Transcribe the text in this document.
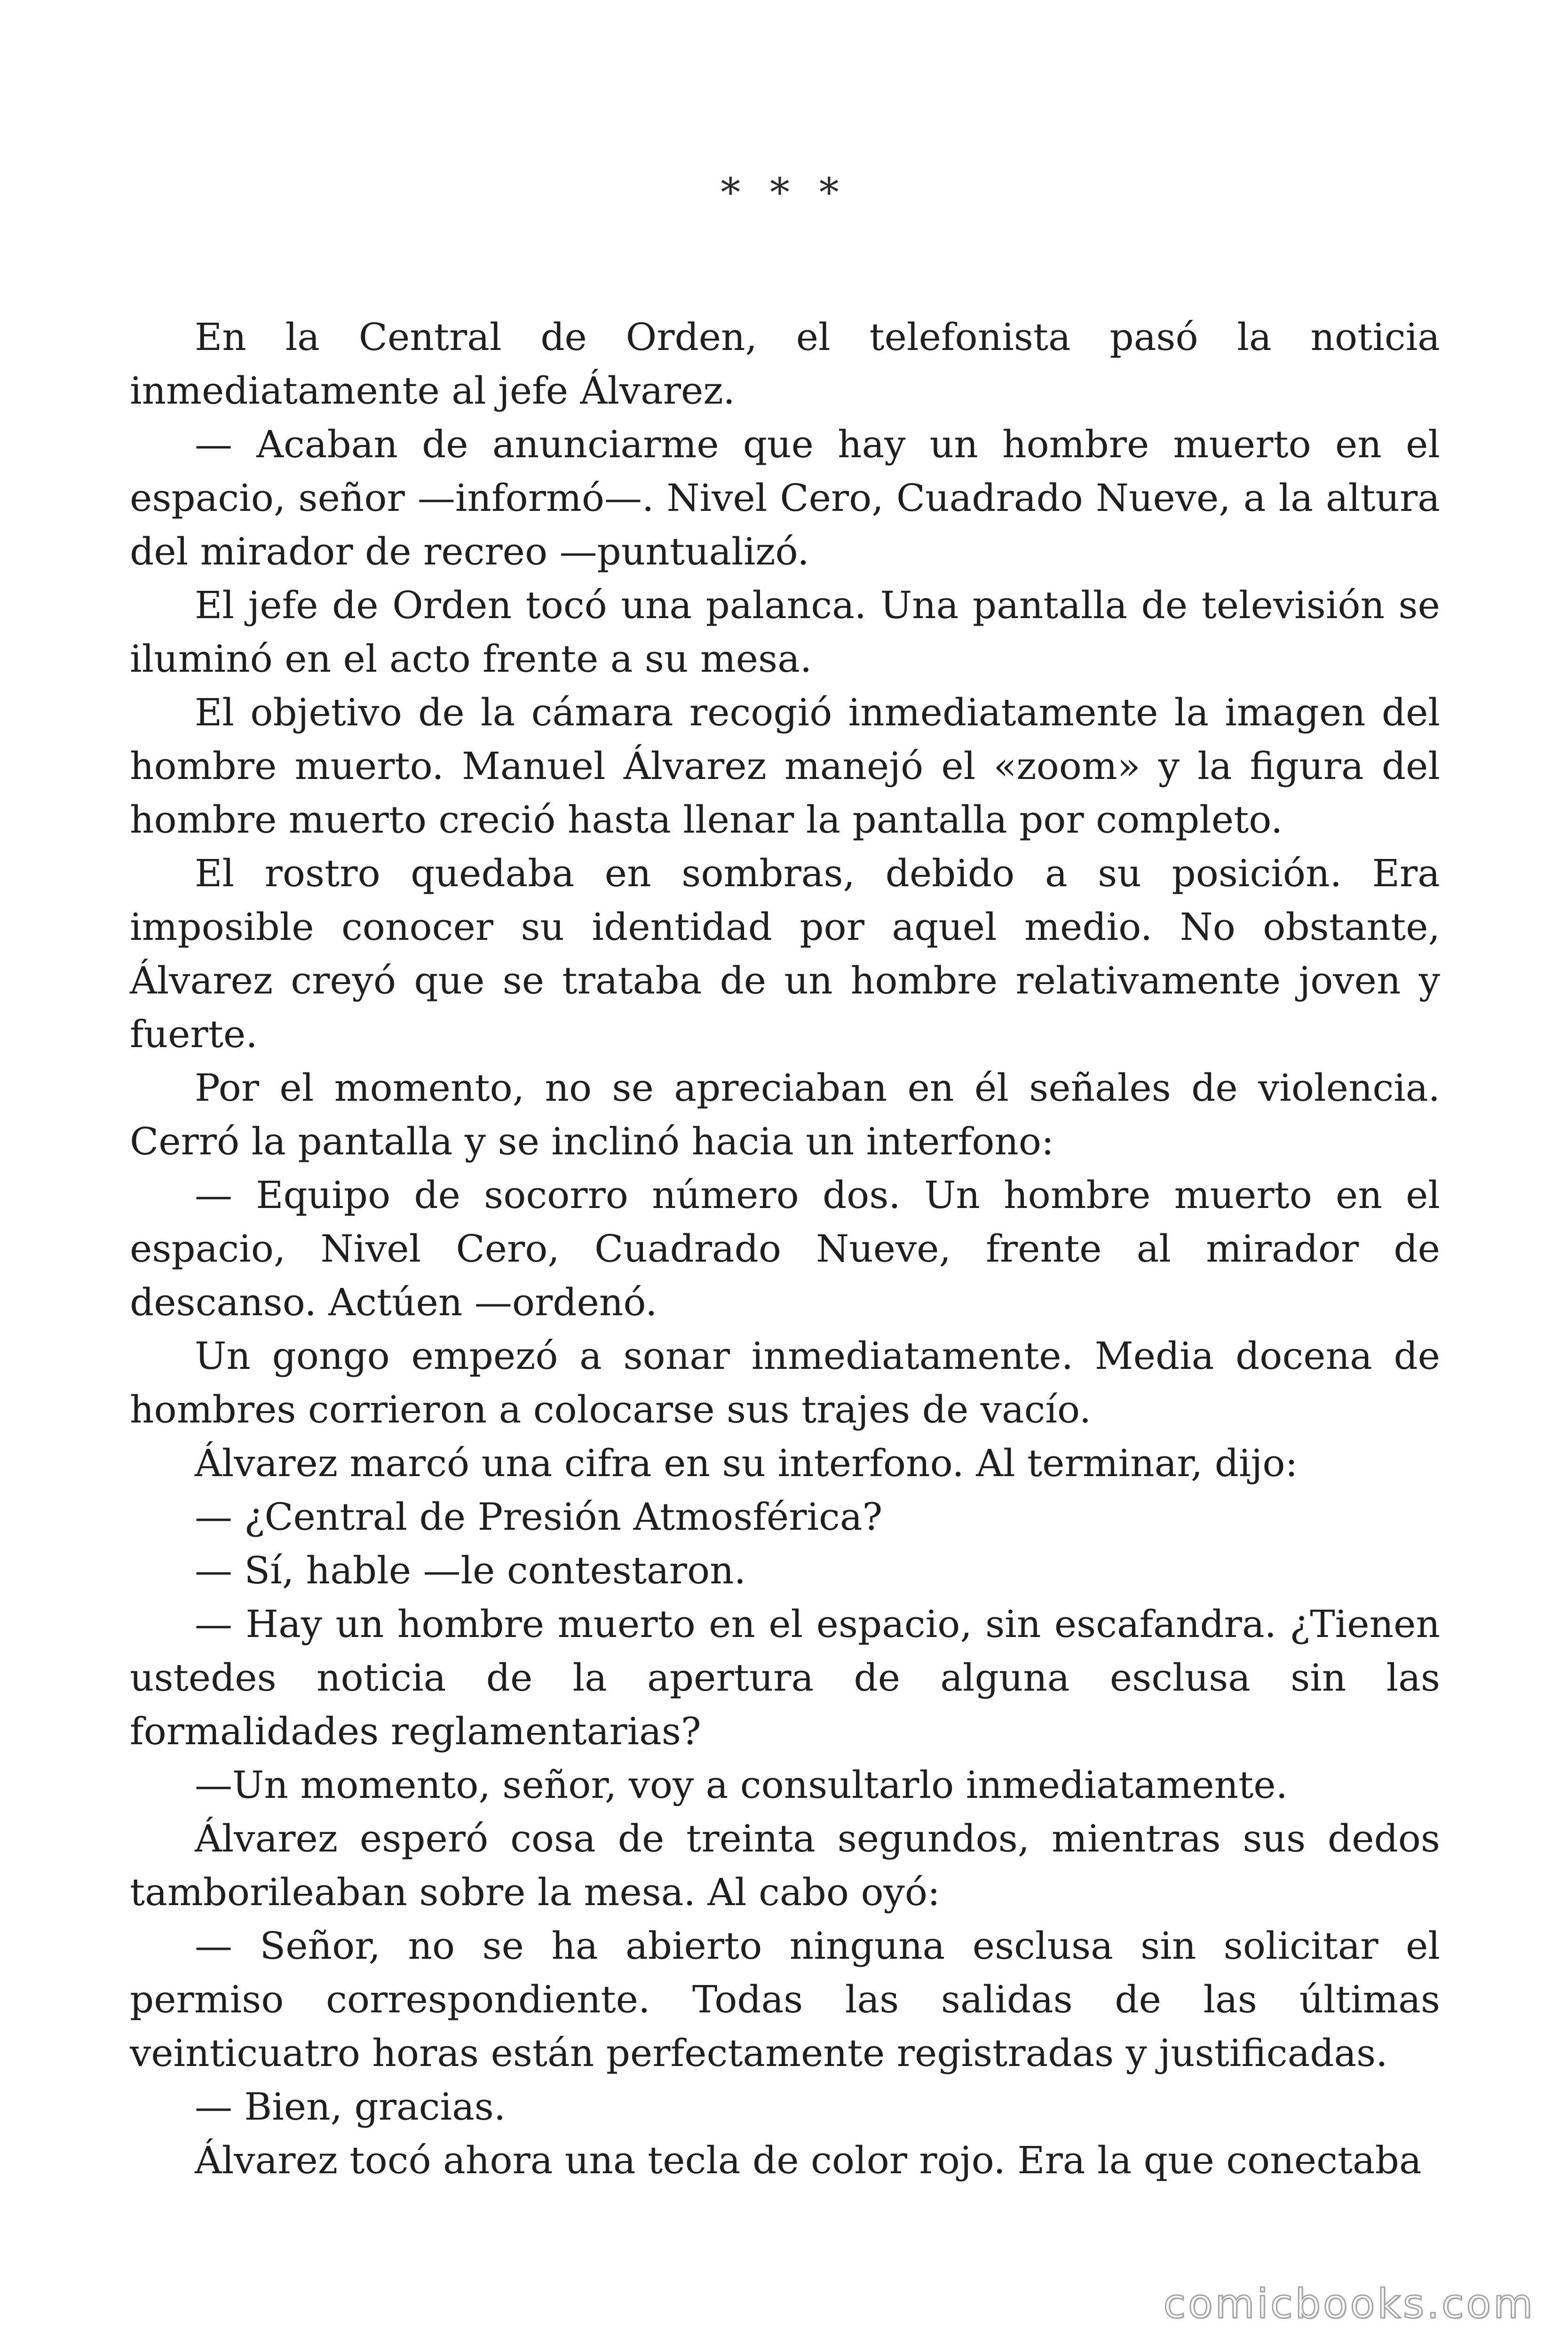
* * *

En la Central de Orden, el telefonista pasó la noticia inmediatamente al jefe Álvarez.

— Acaban de anunciarme que hay un hombre muerto en el espacio, señor —informó—. Nivel Cero, Cuadrado Nueve, a la altura del mirador de recreo —puntualizó.

El jefe de Orden tocó una palanca. Una pantalla de televisión se iluminó en el acto frente a su mesa.

El objetivo de la cámara recogió inmediatamente la imagen del hombre muerto. Manuel Álvarez manejó el «zoom» y la figura del hombre muerto creció hasta llenar la pantalla por completo.

El rostro quedaba en sombras, debido a su posición. Era imposible conocer su identidad por aquel medio. No obstante, Álvarez creyó que se trataba de un hombre relativamente joven y fuerte.

Por el momento, no se apreciaban en él señales de violencia. Cerró la pantalla y se inclinó hacia un interfono:

— Equipo de socorro número dos. Un hombre muerto en el espacio, Nivel Cero, Cuadrado Nueve, frente al mirador de descanso. Actúen —ordenó.

Un gongo empezó a sonar inmediatamente. Media docena de hombres corrieron a colocarse sus trajes de vacío.

Álvarez marcó una cifra en su interfono. Al terminar, dijo:

— ¿Central de Presión Atmosférica?

— Sí, hable —le contestaron.

— Hay un hombre muerto en el espacio, sin escafandra. ¿Tienen ustedes noticia de la apertura de alguna esclusa sin las formalidades reglamentarias?

—Un momento, señor, voy a consultarlo inmediatamente.

Álvarez esperó cosa de treinta segundos, mientras sus dedos tamborileaban sobre la mesa. Al cabo oyó:

— Señor, no se ha abierto ninguna esclusa sin solicitar el permiso correspondiente. Todas las salidas de las últimas veinticuatro horas están perfectamente registradas y justificadas.

— Bien, gracias.

Álvarez tocó ahora una tecla de color rojo. Era la que conectaba

comicbooks.com
